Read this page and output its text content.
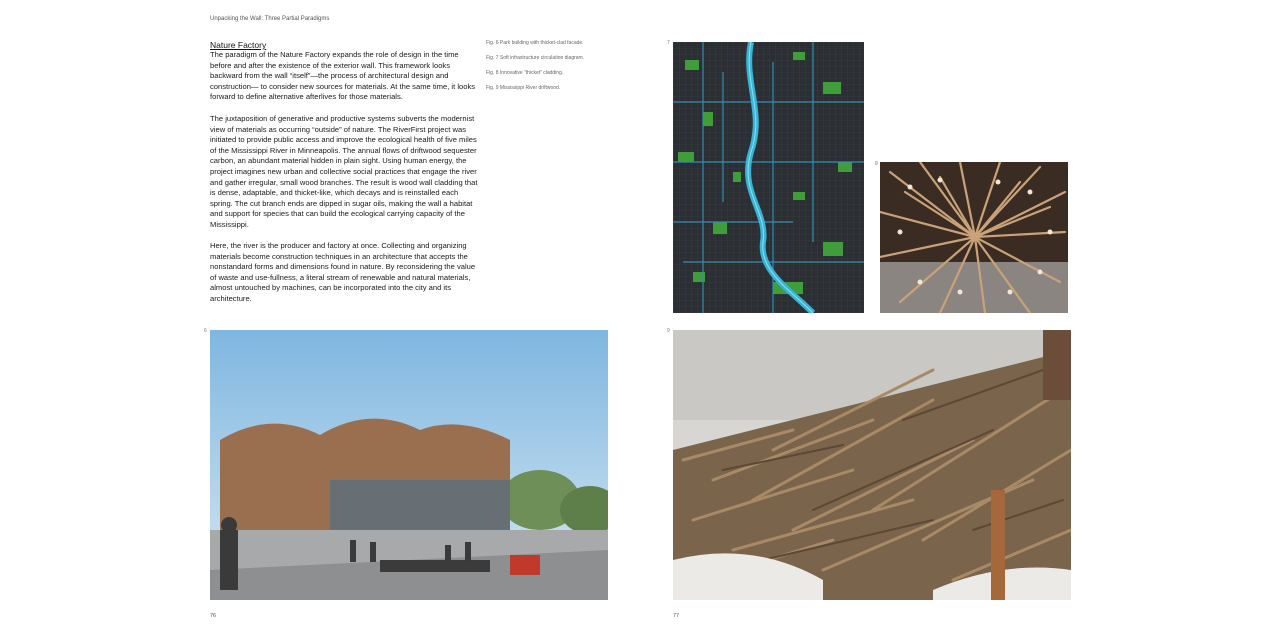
Unpacking the Wall: Three Partial Paradigms
Nature Factory

The paradigm of the Nature Factory expands the role of design in the time before and after the existence of the exterior wall. This framework looks backward from the wall “itself”—the process of architectural design and construction— to consider new sources for materials. At the same time, it looks forward to define alternative afterlives for those materials.

The juxtaposition of generative and productive systems subverts the modernist view of materials as occurring “outside” of nature. The RiverFirst project was initiated to provide public access and improve the ecological health of five miles of the Mississippi River in Minneapolis. The annual flows of driftwood sequester carbon, an abundant material hidden in plain sight. Using human energy, the project imagines new urban and collective social practices that engage the river and gather irregular, small wood branches. The result is wood wall cladding that is dense, adaptable, and thicket-like, which decays and is reinstalled each spring. The cut branch ends are dipped in sugar oils, making the wall a habitat and support for species that can build the ecological carrying capacity of the Mississippi.

Here, the river is the producer and factory at once. Collecting and organizing materials become construction techniques in an architecture that accepts the nonstandard forms and dimensions found in nature. By reconsidering the value of waste and use-fullness, a literal stream of renewable and natural materials, almost untouched by machines, can be incorporated into the city and its architecture.

Fig. 6 Park building with thicket-clad facade.
Fig. 7 Soft infrastructure circulation diagram.
Fig. 8 Innovative “thicket” cladding.
Fig. 9 Mississippi River driftwood.
6
7
8
9
76	77
